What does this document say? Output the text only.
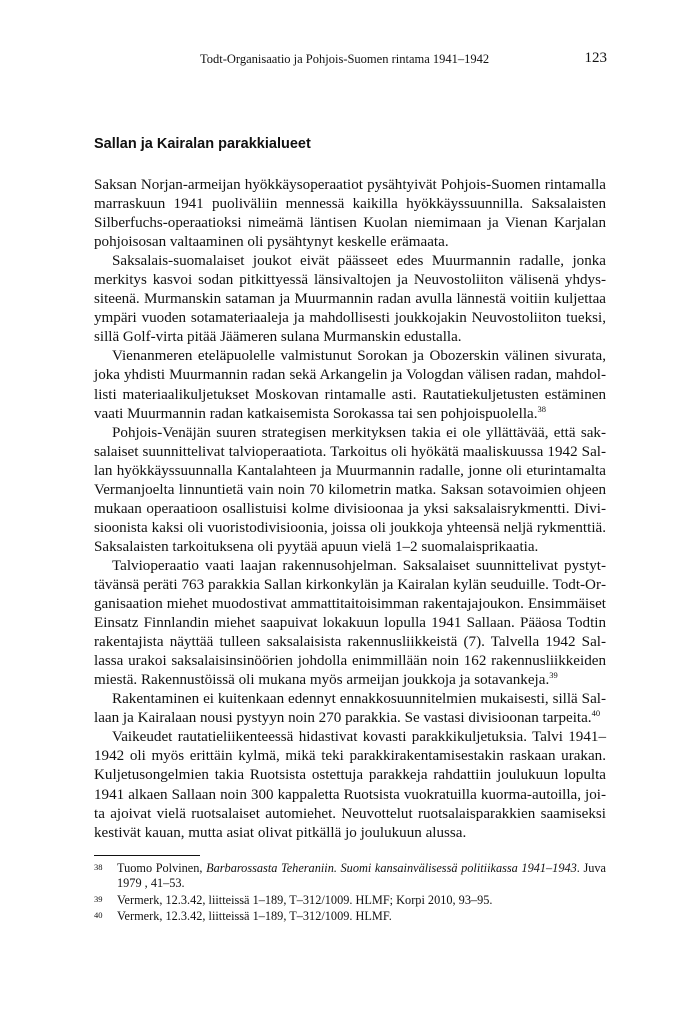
Todt-Organisaatio ja Pohjois-Suomen rintama 1941–1942	123
Sallan ja Kairalan parakkialueet

Saksan Norjan-armeijan hyökkäysoperaatiot pysähtyivät Pohjois-Suomen rintamalla marraskuun 1941 puoliväliin mennessä kaikilla hyökkäyssuunnilla. Saksalaisten Silberfuchs-operaatioksi nimeämä läntisen Kuolan niemimaan ja Vienan Karjalan pohjoisosan valtaaminen oli pysähtynyt keskelle erämaata.

Saksalais-suomalaiset joukot eivät päässeet edes Muurmannin radalle, jonka merkitys kasvoi sodan pitkittyessä länsivaltojen ja Neuvostoliiton välisenä yhdyssiteenä. Murmanskin sataman ja Muurmannin radan avulla lännestä voitiin kuljettaa ympäri vuoden sotamateriaaleja ja mahdollisesti joukkojakin Neuvostoliiton tueksi, sillä Golf-virta pitää Jäämeren sulana Murmanskin edustalla.

Vienanmeren eteläpuolelle valmistunut Sorokan ja Obozerskin välinen sivurata, joka yhdisti Muurmannin radan sekä Arkangelin ja Vologdan välisen radan, mahdollisti materiaalikuljetukset Moskovan rintamalle asti. Rautatiekuljetusten estäminen vaati Muurmannin radan katkaisemista Sorokassa tai sen pohjoispuolella.$^{38}$

Pohjois-Venäjän suuren strategisen merkityksen takia ei ole yllättävää, että saksalaiset suunnittelivat talvioperaatiota. Tarkoitus oli hyökätä maaliskuussa 1942 Sallan hyökkäyssuunnalla Kantalahteen ja Muurmannin radalle, jonne oli eturintamalta Vermanjoelta linnuntietä vain noin 70 kilometrin matka. Saksan sotavoimien ohjeen mukaan operaatioon osallistuisi kolme divisioonaa ja yksi saksalaisrykmentti. Divisioonista kaksi oli vuoristodivisioonia, joissa oli joukkoja yhteensä neljä rykmenttiä. Saksalaisten tarkoituksena oli pyytää apuun vielä 1–2 suomalaisprikaatia.

Talvioperaatio vaati laajan rakennusohjelman. Saksalaiset suunnittelivat pystyttävänsä peräti 763 parakkia Sallan kirkonkylän ja Kairalan kylän seuduille. Todt-Organisaation miehet muodostivat ammattitaitoisimman rakentajajoukon. Ensimmäiset Einsatz Finnlandin miehet saapuivat lokakuun lopulla 1941 Sallaan. Pääosa Todtin rakentajista näyttää tulleen saksalaisista rakennusliikkeistä (7). Talvella 1942 Sallassa urakoi saksalaisinsinöörien johdolla enimmillään noin 162 rakennusliikkeiden miestä. Rakennustöissä oli mukana myös armeijan joukkoja ja sotavankeja.$^{39}$

Rakentaminen ei kuitenkaan edennyt ennakkosuunnitelmien mukaisesti, sillä Sallaan ja Kairalaan nousi pystyyn noin 270 parakkia. Se vastasi divisioonan tarpeita.$^{40}$

Vaikeudet rautatieliikenteessä hidastivat kovasti parakkikuljetuksia. Talvi 1941–1942 oli myös erittäin kylmä, mikä teki parakkirakentamisestakin raskaan urakan. Kuljetusongelmien takia Ruotsista ostettuja parakkeja rahdattiin joulukuun lopulta 1941 alkaen Sallaan noin 300 kappaletta Ruotsista vuokratuilla kuorma-autoilla, joita ajoivat vielä ruotsalaiset automiehet. Neuvottelut ruotsalaisparakkien saamiseksi kestivät kauan, mutta asiat olivat pitkällä jo joulukuun alussa.

38 Tuomo Polvinen, Barbarossasta Teheraniin. Suomi kansainvälisessä politiikassa 1941–1943. Juva 1979 , 41–53.
39 Vermerk, 12.3.42, liitteissä 1–189, T–312/1009. HLMF; Korpi 2010, 93–95.
40 Vermerk, 12.3.42, liitteissä 1–189, T–312/1009. HLMF.
